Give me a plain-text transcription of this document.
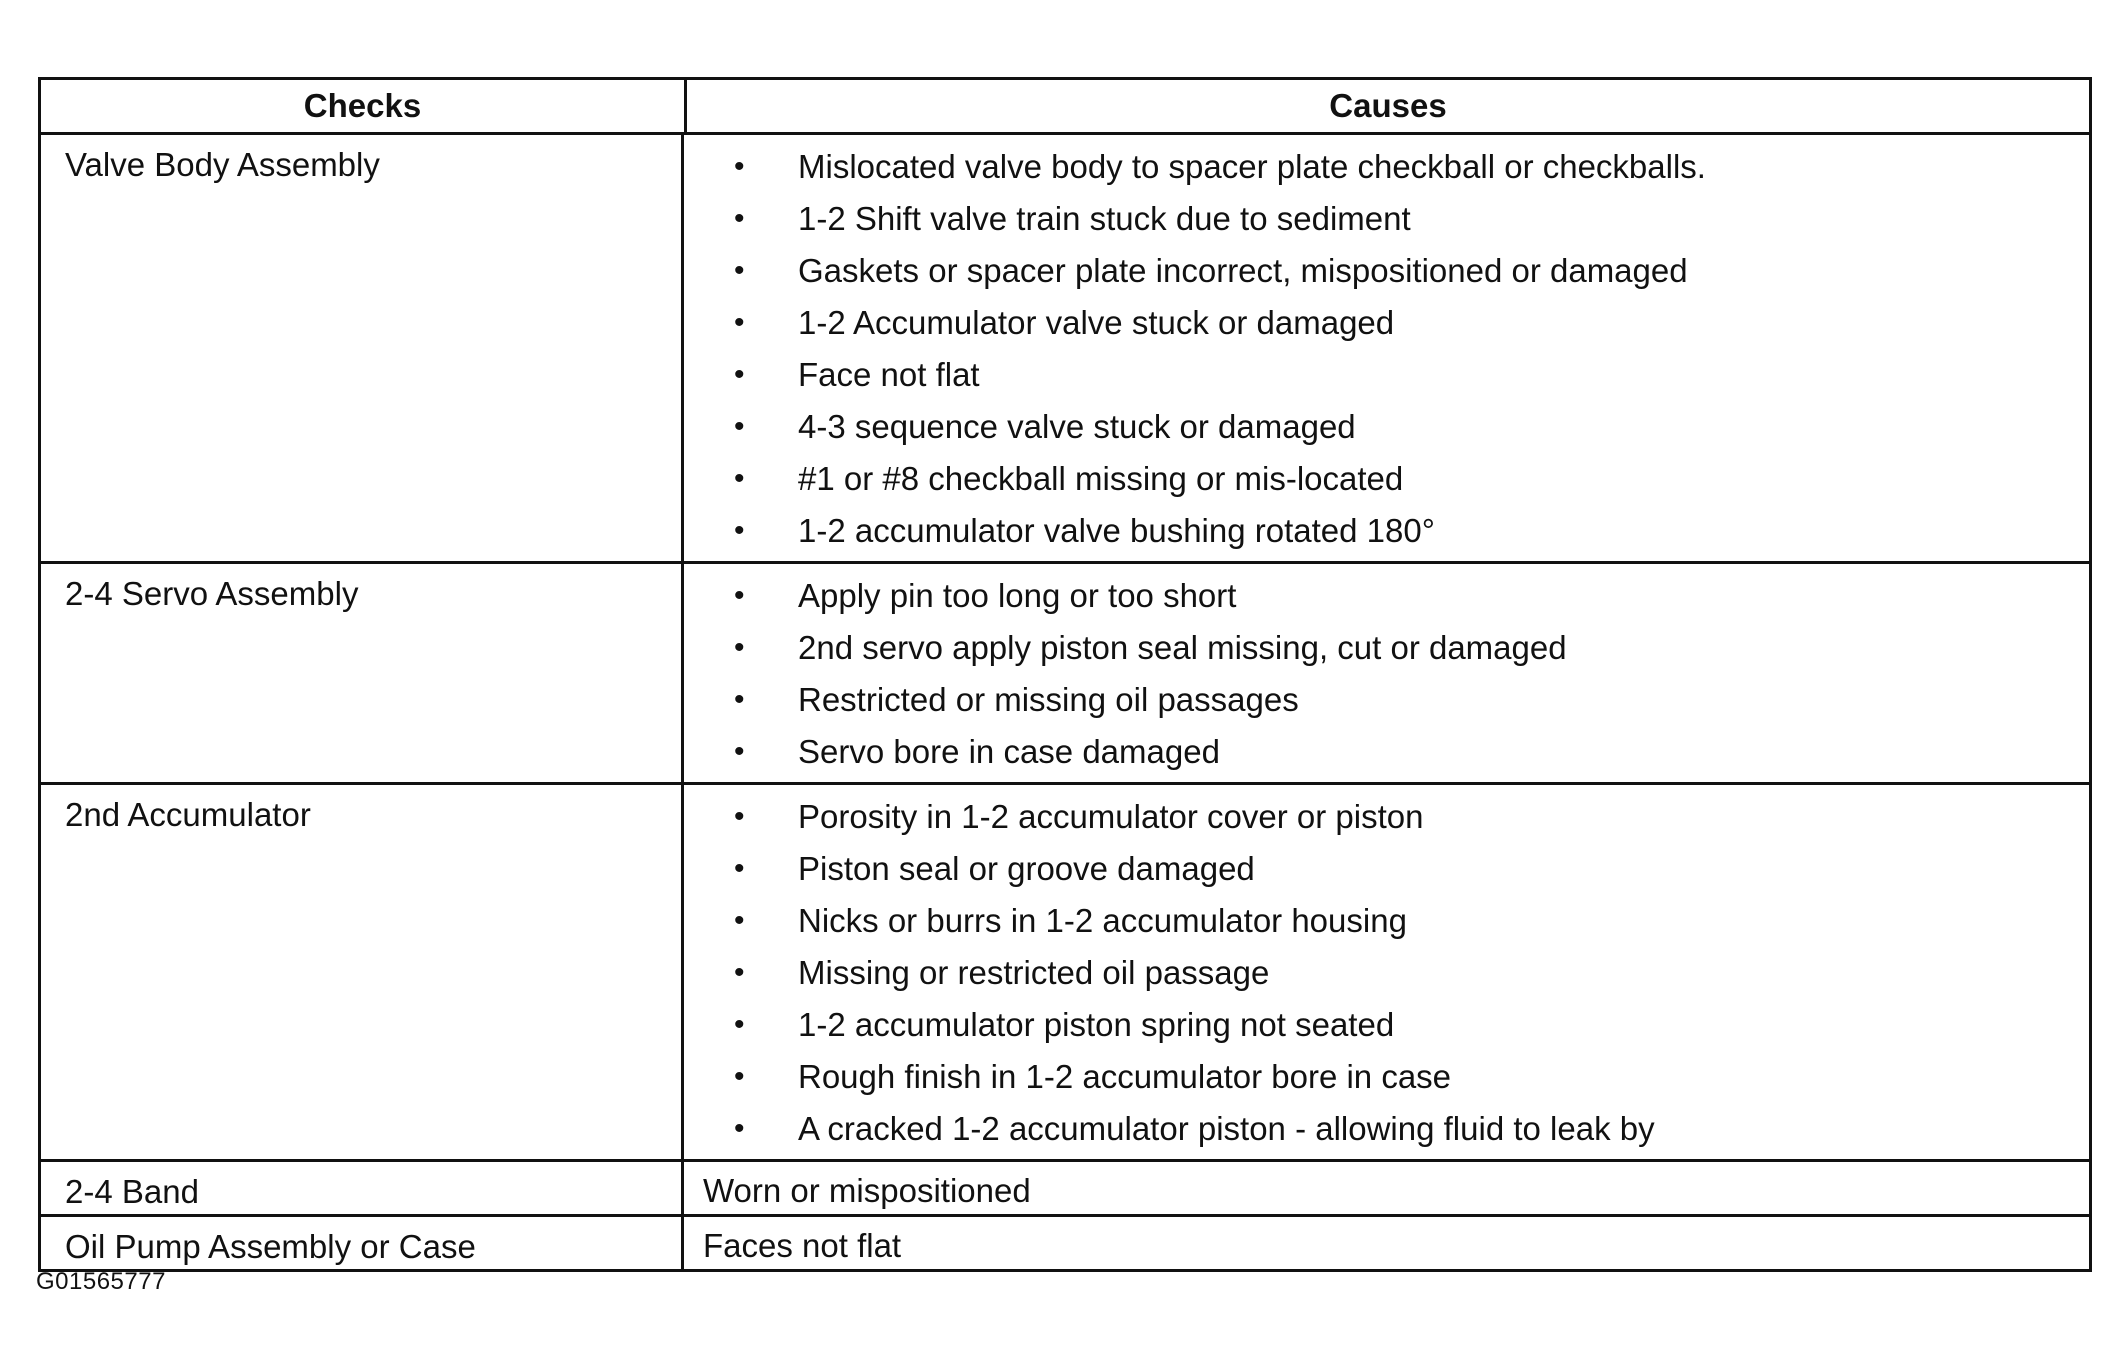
Checks	Causes
Valve Body Assembly	•	Mislocated valve body to spacer plate checkball or checkballs.
•	1-2 Shift valve train stuck due to sediment
•	Gaskets or spacer plate incorrect, mispositioned or damaged
•	1-2 Accumulator valve stuck or damaged
•	Face not flat
•	4-3 sequence valve stuck or damaged
•	#1 or #8 checkball missing or mis-located
•	1-2 accumulator valve bushing rotated 180°
2-4 Servo Assembly	•	Apply pin too long or too short
•	2nd servo apply piston seal missing, cut or damaged
•	Restricted or missing oil passages
•	Servo bore in case damaged
2nd Accumulator	•	Porosity in 1-2 accumulator cover or piston
•	Piston seal or groove damaged
•	Nicks or burrs in 1-2 accumulator housing
•	Missing or restricted oil passage
•	1-2 accumulator piston spring not seated
•	Rough finish in 1-2 accumulator bore in case
•	A cracked 1-2 accumulator piston - allowing fluid to leak by
2-4 Band	Worn or mispositioned
Oil Pump Assembly or Case	Faces not flat
G01565777
